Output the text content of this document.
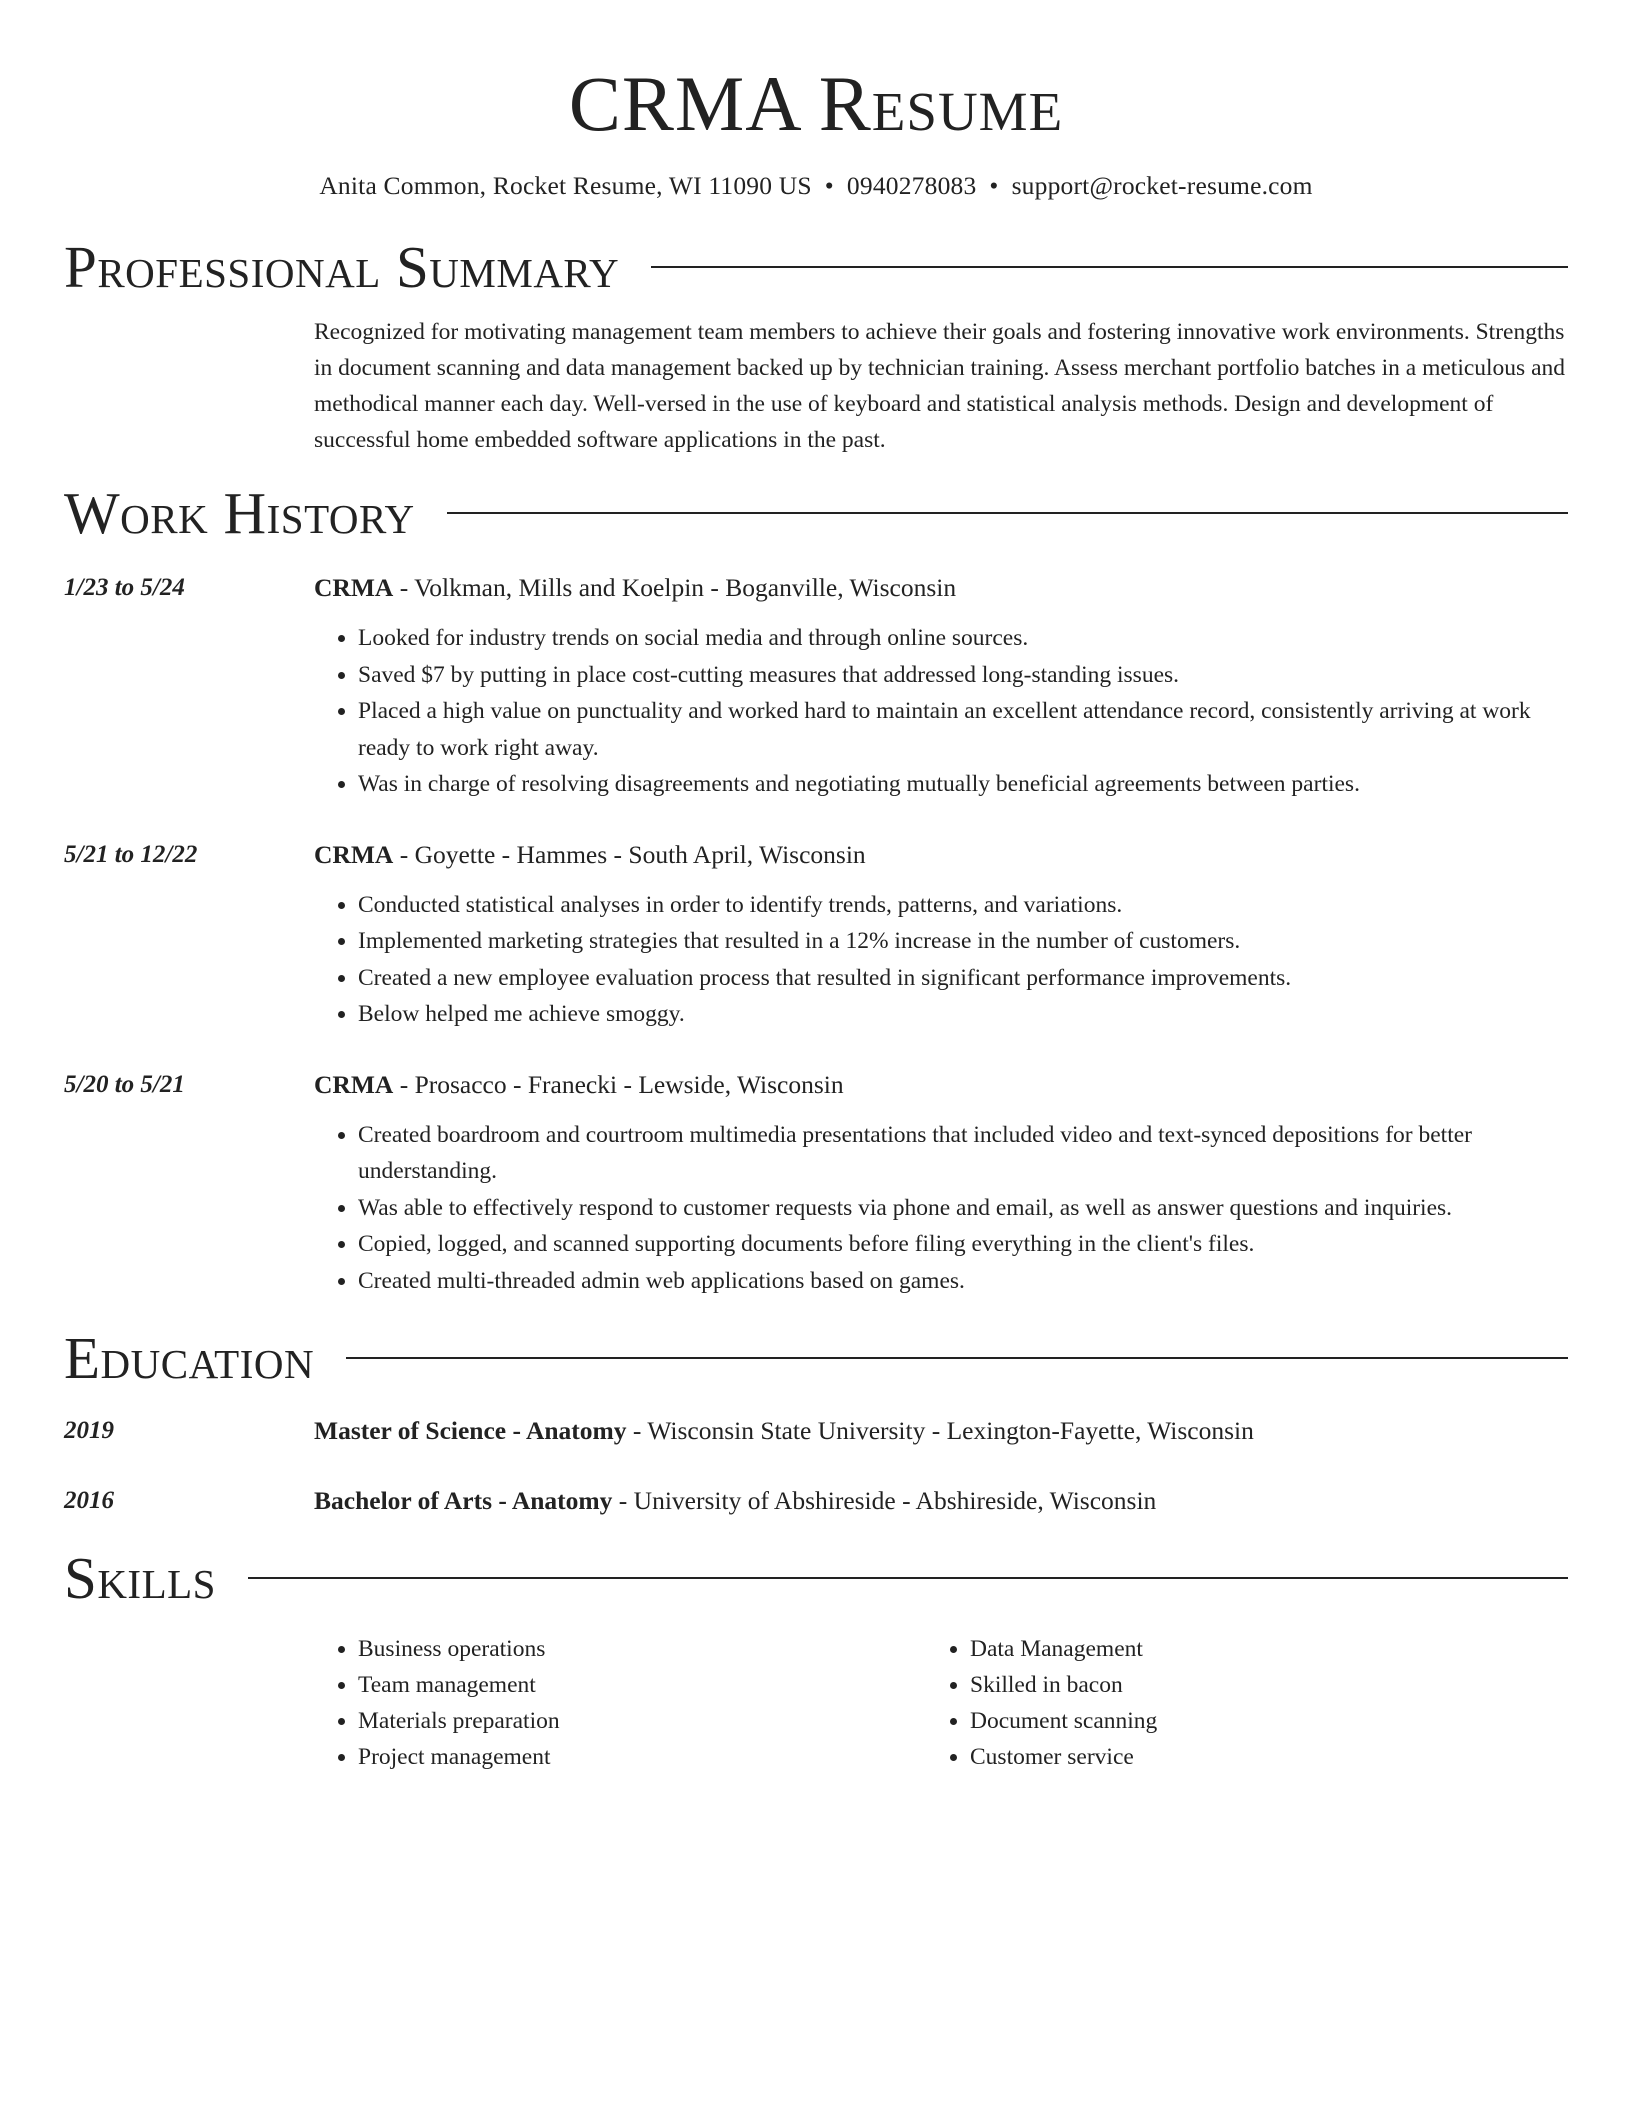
CRMA Resume
Anita Common, Rocket Resume, WI 11090 US • 0940278083 • support@rocket-resume.com
Professional Summary
Recognized for motivating management team members to achieve their goals and fostering innovative work environments. Strengths in document scanning and data management backed up by technician training. Assess merchant portfolio batches in a meticulous and methodical manner each day. Well-versed in the use of keyboard and statistical analysis methods. Design and development of successful home embedded software applications in the past.
Work History
1/23 to 5/24	CRMA - Volkman, Mills and Koelpin - Boganville, Wisconsin
• Looked for industry trends on social media and through online sources.
• Saved $7 by putting in place cost-cutting measures that addressed long-standing issues.
• Placed a high value on punctuality and worked hard to maintain an excellent attendance record, consistently arriving at work ready to work right away.
• Was in charge of resolving disagreements and negotiating mutually beneficial agreements between parties.
5/21 to 12/22	CRMA - Goyette - Hammes - South April, Wisconsin
• Conducted statistical analyses in order to identify trends, patterns, and variations.
• Implemented marketing strategies that resulted in a 12% increase in the number of customers.
• Created a new employee evaluation process that resulted in significant performance improvements.
• Below helped me achieve smoggy.
5/20 to 5/21	CRMA - Prosacco - Franecki - Lewside, Wisconsin
• Created boardroom and courtroom multimedia presentations that included video and text-synced depositions for better understanding.
• Was able to effectively respond to customer requests via phone and email, as well as answer questions and inquiries.
• Copied, logged, and scanned supporting documents before filing everything in the client's files.
• Created multi-threaded admin web applications based on games.
Education
2019	Master of Science - Anatomy - Wisconsin State University - Lexington-Fayette, Wisconsin
2016	Bachelor of Arts - Anatomy - University of Abshireside - Abshireside, Wisconsin
Skills
• Business operations
• Team management
• Materials preparation
• Project management
• Data Management
• Skilled in bacon
• Document scanning
• Customer service
